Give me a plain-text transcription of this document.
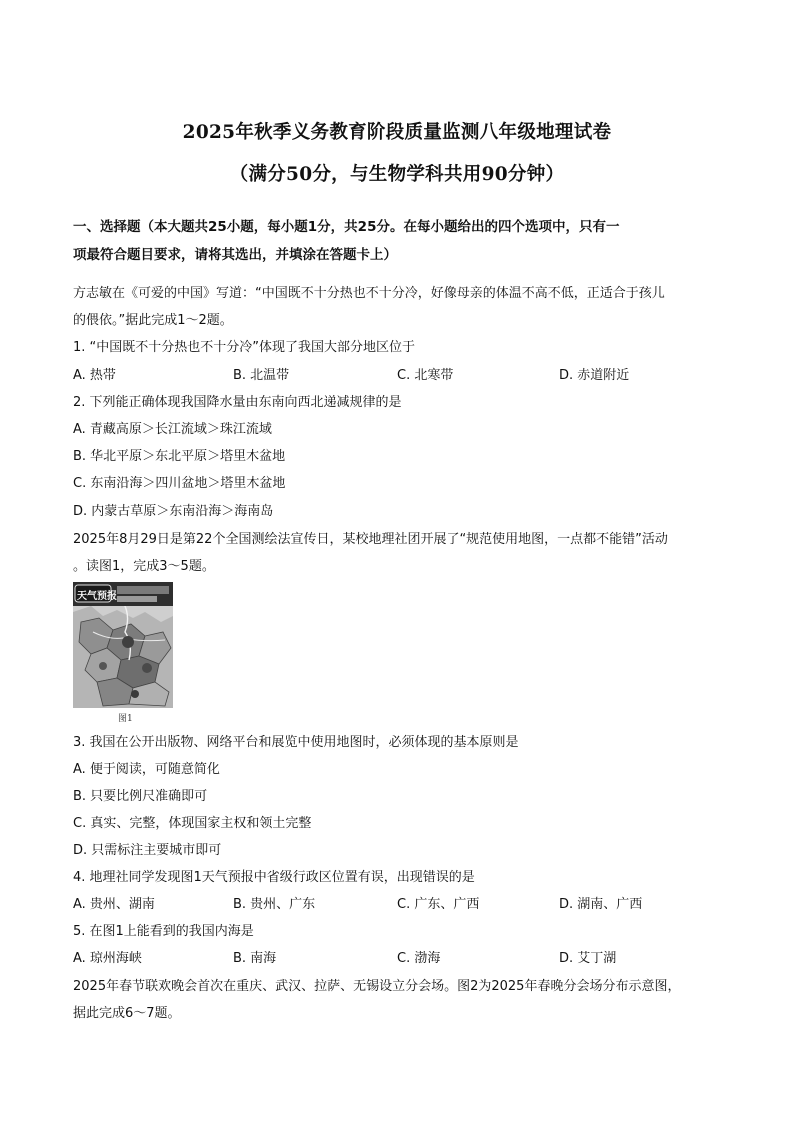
2025年秋季义务教育阶段质量监测八年级地理试卷
（满分50分，与生物学科共用90分钟）
一、选择题（本大题共25小题，每小题1分，共25分。在每小题给出的四个选项中，只有一
项最符合题目要求，请将其选出，并填涂在答题卡上）
方志敏在《可爱的中国》写道：“中国既不十分热也不十分冷，好像母亲的体温不高不低，正适合于孩儿
的偎依。”据此完成1～2题。
1. “中国既不十分热也不十分冷”体现了我国大部分地区位于
A. 热带	B. 北温带	C. 北寒带	D. 赤道附近
2. 下列能正确体现我国降水量由东南向西北递减规律的是
A. 青藏高原＞长江流域＞珠江流域
B. 华北平原＞东北平原＞塔里木盆地
C. 东南沿海＞四川盆地＞塔里木盆地
D. 内蒙古草原＞东南沿海＞海南岛
2025年8月29日是第22个全国测绘法宣传日，某校地理社团开展了“规范使用地图，一点都不能错”活动
。读图1，完成3～5题。
天气预报
图1
3. 我国在公开出版物、网络平台和展览中使用地图时，必须体现的基本原则是
A. 便于阅读，可随意简化
B. 只要比例尺准确即可
C. 真实、完整，体现国家主权和领土完整
D. 只需标注主要城市即可
4. 地理社同学发现图1天气预报中省级行政区位置有误，出现错误的是
A. 贵州、湖南	B. 贵州、广东	C. 广东、广西	D. 湖南、广西
5. 在图1上能看到的我国内海是
A. 琼州海峡	B. 南海	C. 渤海	D. 艾丁湖
2025年春节联欢晚会首次在重庆、武汉、拉萨、无锡设立分会场。图2为2025年春晚分会场分布示意图，
据此完成6～7题。
